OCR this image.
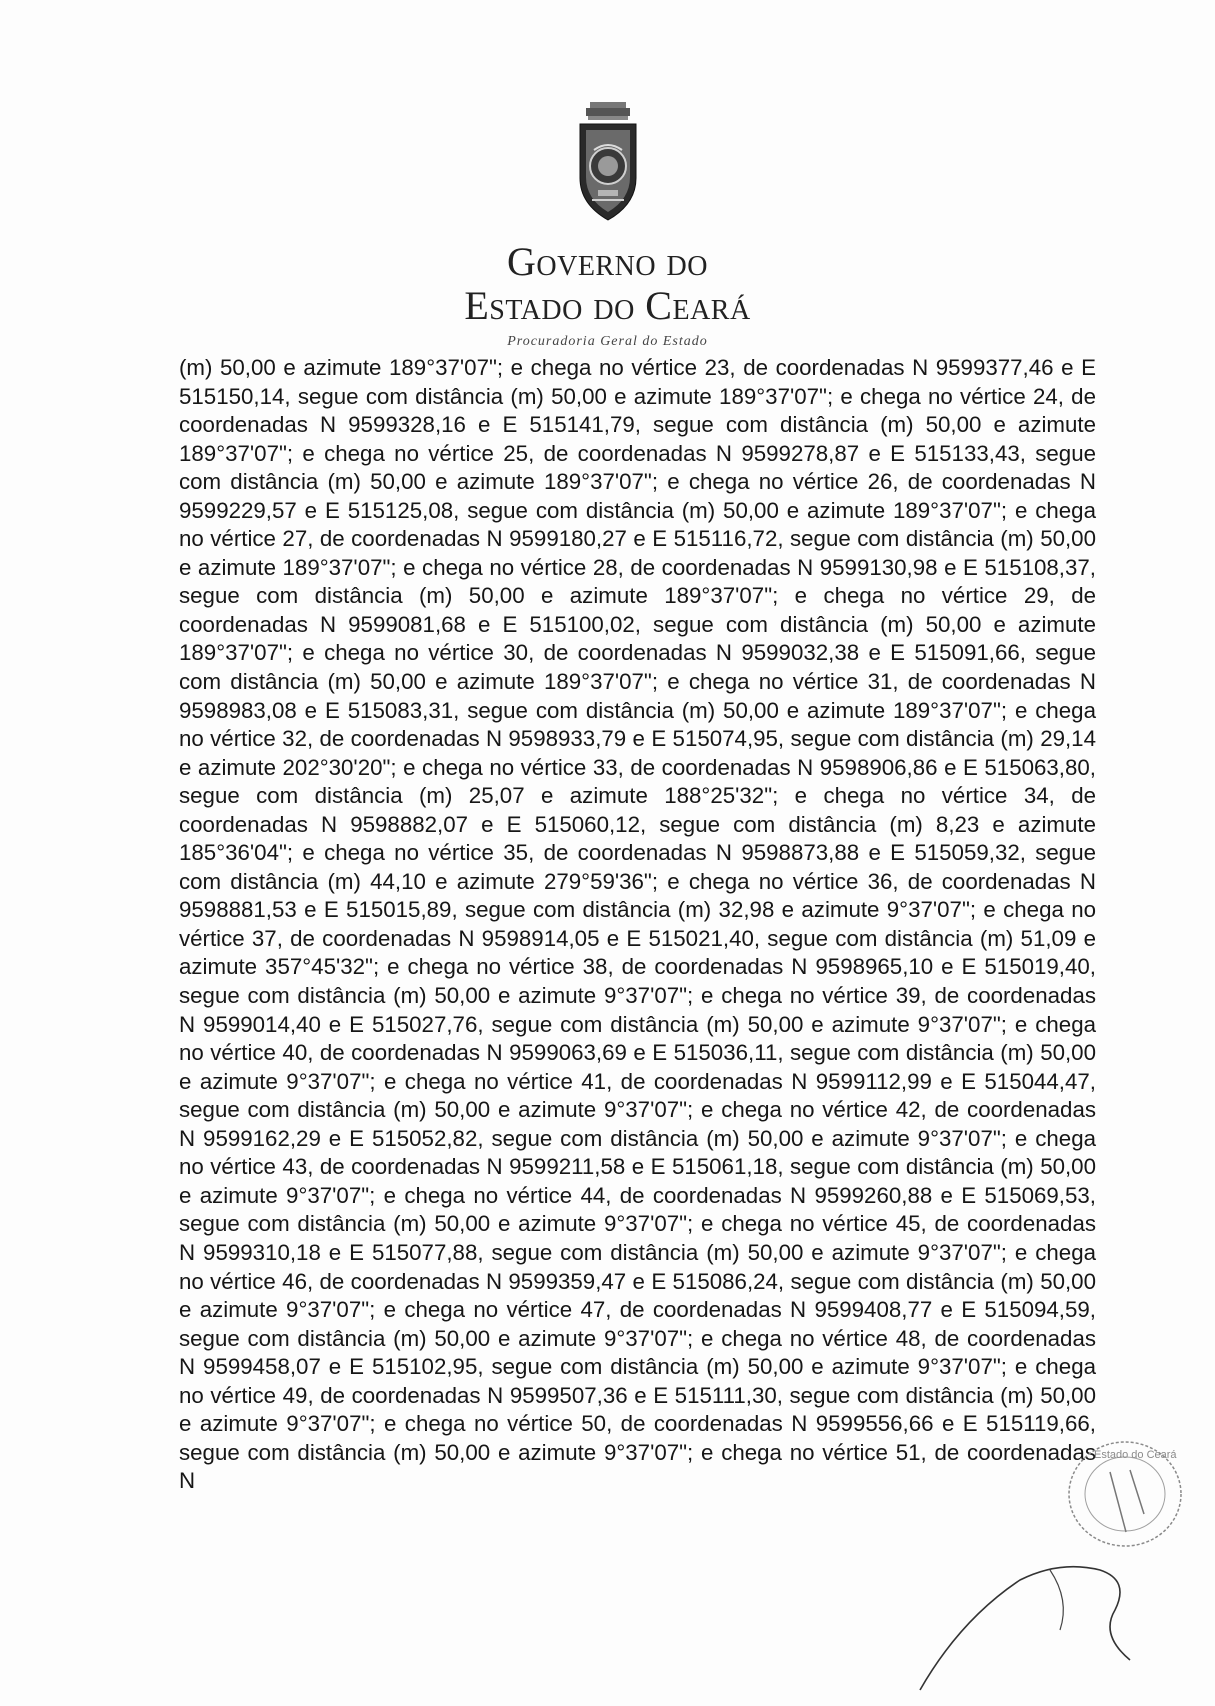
Governo do
Estado do Ceará
Procuradoria Geral do Estado

(m) 50,00 e azimute 189°37'07"; e chega no vértice 23, de coordenadas N 9599377,46 e E 515150,14, segue com distância (m) 50,00 e azimute 189°37'07"; e chega no vértice 24, de coordenadas N 9599328,16 e E 515141,79, segue com distância (m) 50,00 e azimute 189°37'07"; e chega no vértice 25, de coordenadas N 9599278,87 e E 515133,43, segue com distância (m) 50,00 e azimute 189°37'07"; e chega no vértice 26, de coordenadas N 9599229,57 e E 515125,08, segue com distância (m) 50,00 e azimute 189°37'07"; e chega no vértice 27, de coordenadas N 9599180,27 e E 515116,72, segue com distância (m) 50,00 e azimute 189°37'07"; e chega no vértice 28, de coordenadas N 9599130,98 e E 515108,37, segue com distância (m) 50,00 e azimute 189°37'07"; e chega no vértice 29, de coordenadas N 9599081,68 e E 515100,02, segue com distância (m) 50,00 e azimute 189°37'07"; e chega no vértice 30, de coordenadas N 9599032,38 e E 515091,66, segue com distância (m) 50,00 e azimute 189°37'07"; e chega no vértice 31, de coordenadas N 9598983,08 e E 515083,31, segue com distância (m) 50,00 e azimute 189°37'07"; e chega no vértice 32, de coordenadas N 9598933,79 e E 515074,95, segue com distância (m) 29,14 e azimute 202°30'20"; e chega no vértice 33, de coordenadas N 9598906,86 e E 515063,80, segue com distância (m) 25,07 e azimute 188°25'32"; e chega no vértice 34, de coordenadas N 9598882,07 e E 515060,12, segue com distância (m) 8,23 e azimute 185°36'04"; e chega no vértice 35, de coordenadas N 9598873,88 e E 515059,32, segue com distância (m) 44,10 e azimute 279°59'36"; e chega no vértice 36, de coordenadas N 9598881,53 e E 515015,89, segue com distância (m) 32,98 e azimute 9°37'07"; e chega no vértice 37, de coordenadas N 9598914,05 e E 515021,40, segue com distância (m) 51,09 e azimute 357°45'32"; e chega no vértice 38, de coordenadas N 9598965,10 e E 515019,40, segue com distância (m) 50,00 e azimute 9°37'07"; e chega no vértice 39, de coordenadas N 9599014,40 e E 515027,76, segue com distância (m) 50,00 e azimute 9°37'07"; e chega no vértice 40, de coordenadas N 9599063,69 e E 515036,11, segue com distância (m) 50,00 e azimute 9°37'07"; e chega no vértice 41, de coordenadas N 9599112,99 e E 515044,47, segue com distância (m) 50,00 e azimute 9°37'07"; e chega no vértice 42, de coordenadas N 9599162,29 e E 515052,82, segue com distância (m) 50,00 e azimute 9°37'07"; e chega no vértice 43, de coordenadas N 9599211,58 e E 515061,18, segue com distância (m) 50,00 e azimute 9°37'07"; e chega no vértice 44, de coordenadas N 9599260,88 e E 515069,53, segue com distância (m) 50,00 e azimute 9°37'07"; e chega no vértice 45, de coordenadas N 9599310,18 e E 515077,88, segue com distância (m) 50,00 e azimute 9°37'07"; e chega no vértice 46, de coordenadas N 9599359,47 e E 515086,24, segue com distância (m) 50,00 e azimute 9°37'07"; e chega no vértice 47, de coordenadas N 9599408,77 e E 515094,59, segue com distância (m) 50,00 e azimute 9°37'07"; e chega no vértice 48, de coordenadas N 9599458,07 e E 515102,95, segue com distância (m) 50,00 e azimute 9°37'07"; e chega no vértice 49, de coordenadas N 9599507,36 e E 515111,30, segue com distância (m) 50,00 e azimute 9°37'07"; e chega no vértice 50, de coordenadas N 9599556,66 e E 515119,66, segue com distância (m) 50,00 e azimute 9°37'07"; e chega no vértice 51, de coordenadas N

Estado do Ceará
